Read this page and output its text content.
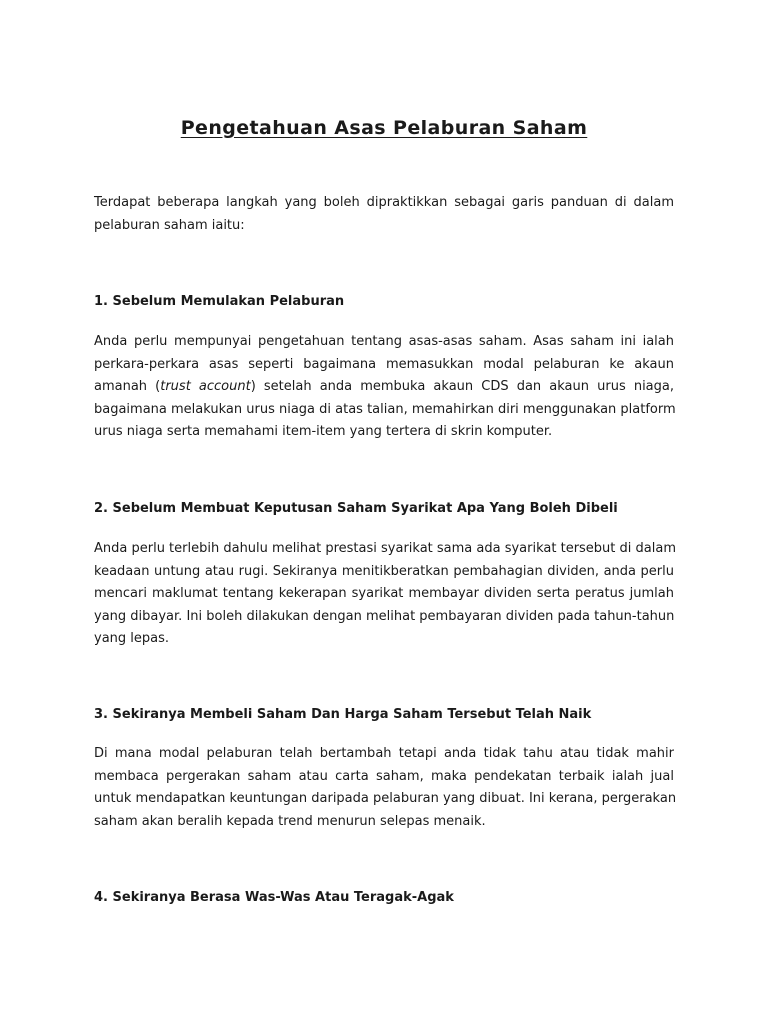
Pengetahuan Asas Pelaburan Saham

Terdapat beberapa langkah yang boleh dipraktikkan sebagai garis panduan di dalam
pelaburan saham iaitu:

1. Sebelum Memulakan Pelaburan

Anda perlu mempunyai pengetahuan tentang asas-asas saham. Asas saham ini ialah
perkara-perkara asas seperti bagaimana memasukkan modal pelaburan ke akaun
amanah (trust account) setelah anda membuka akaun CDS dan akaun urus niaga,
bagaimana melakukan urus niaga di atas talian, memahirkan diri menggunakan platform
urus niaga serta memahami item-item yang tertera di skrin komputer.

2. Sebelum Membuat Keputusan Saham Syarikat Apa Yang Boleh Dibeli

Anda perlu terlebih dahulu melihat prestasi syarikat sama ada syarikat tersebut di dalam
keadaan untung atau rugi. Sekiranya menitikberatkan pembahagian dividen, anda perlu
mencari maklumat tentang kekerapan syarikat membayar dividen serta peratus jumlah
yang dibayar. Ini boleh dilakukan dengan melihat pembayaran dividen pada tahun-tahun
yang lepas.

3. Sekiranya Membeli Saham Dan Harga Saham Tersebut Telah Naik

Di mana modal pelaburan telah bertambah tetapi anda tidak tahu atau tidak mahir
membaca pergerakan saham atau carta saham, maka pendekatan terbaik ialah jual
untuk mendapatkan keuntungan daripada pelaburan yang dibuat. Ini kerana, pergerakan
saham akan beralih kepada trend menurun selepas menaik.

4. Sekiranya Berasa Was-Was Atau Teragak-Agak
